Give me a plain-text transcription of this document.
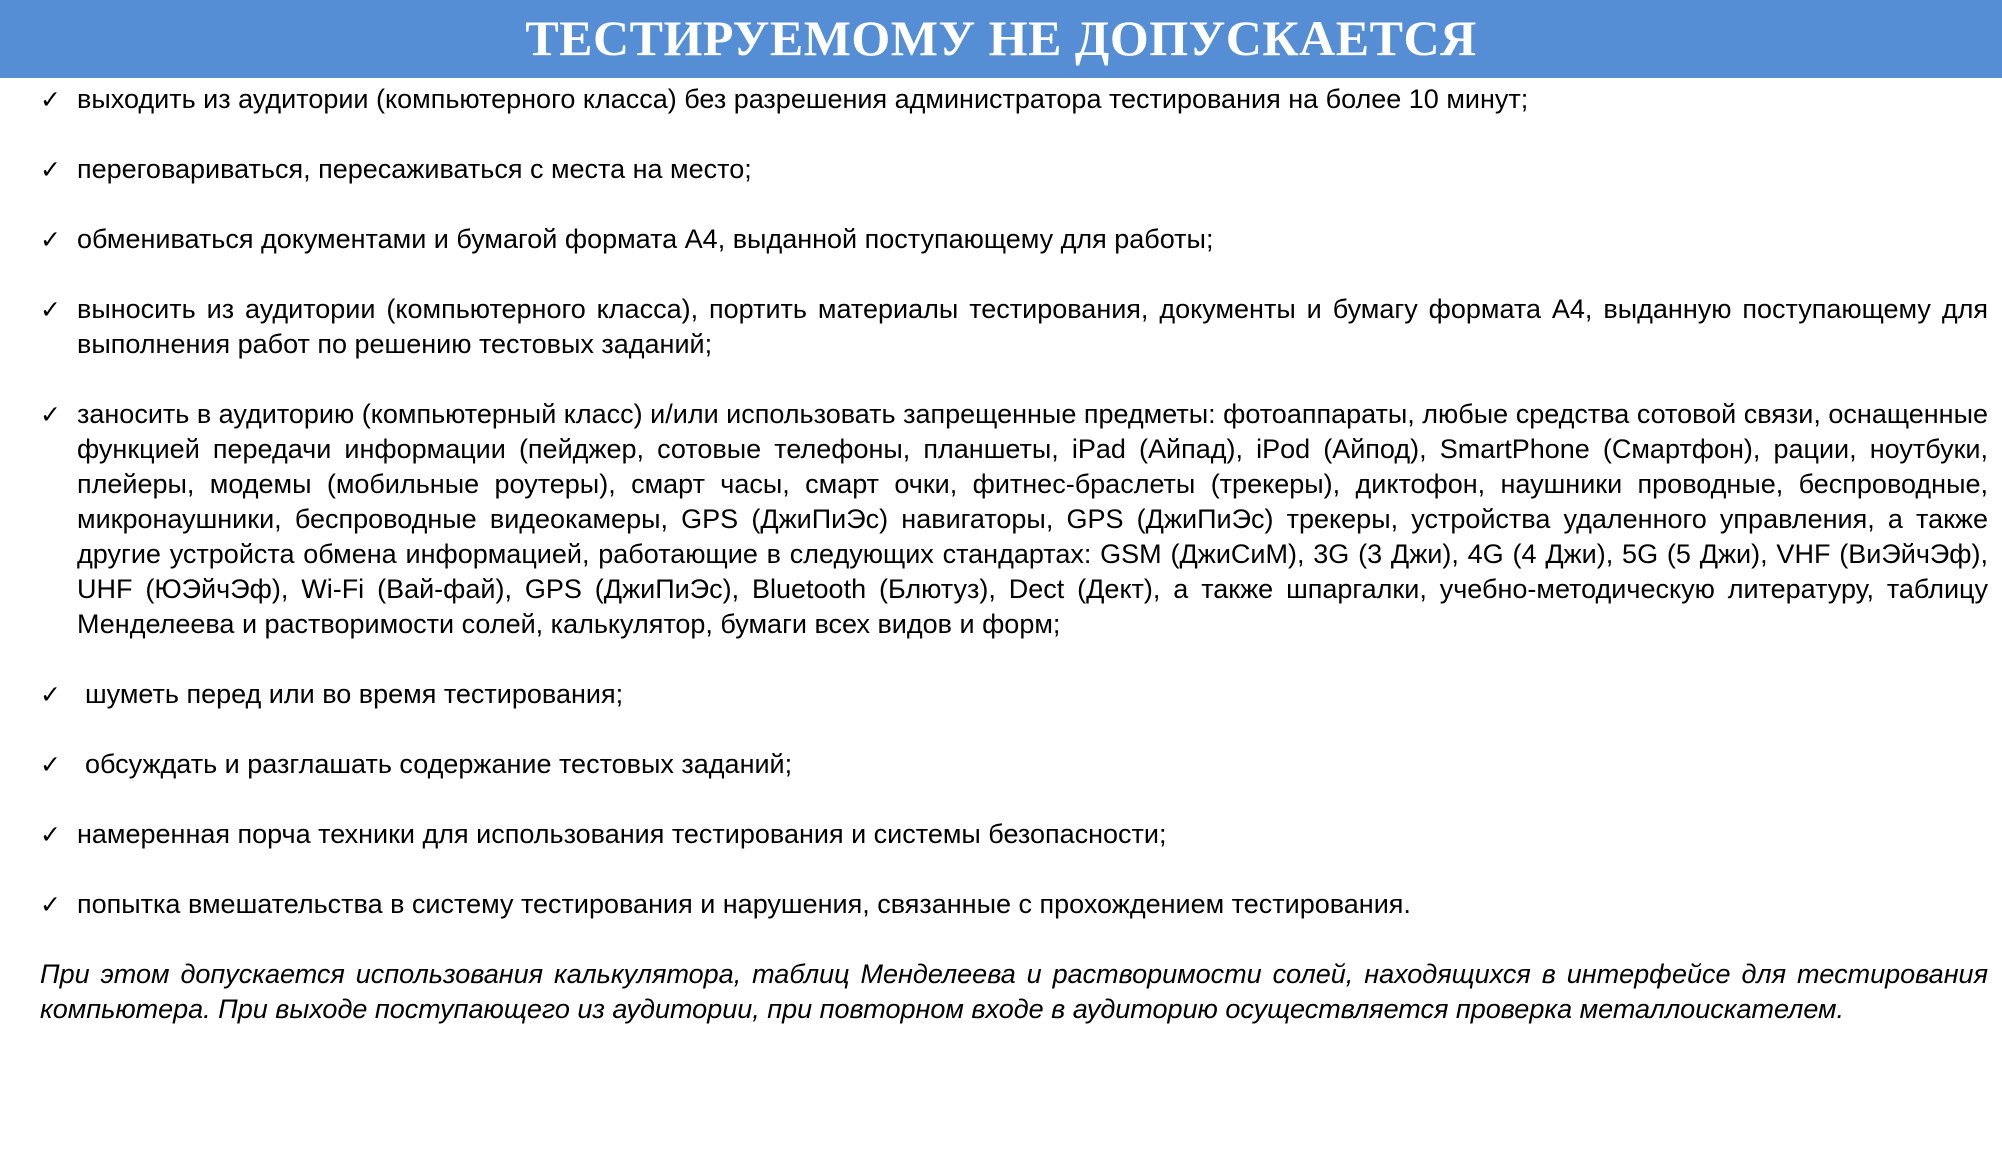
ТЕСТИРУЕМОМУ НЕ ДОПУСКАЕТСЯ
✓ выходить из аудитории (компьютерного класса) без разрешения администратора тестирования на более 10 минут;
✓ переговариваться, пересаживаться с места на место;
✓ обмениваться документами и бумагой формата А4, выданной поступающему для работы;
✓ выносить из аудитории (компьютерного класса), портить материалы тестирования, документы и бумагу формата А4, выданную поступающему для выполнения работ по решению тестовых заданий;
✓ заносить в аудиторию (компьютерный класс) и/или использовать запрещенные предметы: фотоаппараты, любые средства сотовой связи, оснащенные функцией передачи информации (пейджер, сотовые телефоны, планшеты, iPad (Айпад), iPod (Айпод), SmartPhone (Смартфон), рации, ноутбуки, плейеры, модемы (мобильные роутеры), смарт часы, смарт очки, фитнес-браслеты (трекеры), диктофон, наушники проводные, беспроводные, микронаушники, беспроводные видеокамеры, GPS (ДжиПиЭс) навигаторы, GPS (ДжиПиЭс) трекеры, устройства удаленного управления, а также другие устройста обмена информацией, работающие в следующих стандартах: GSM (ДжиСиМ), 3G (3 Джи), 4G (4 Джи), 5G (5 Джи), VHF (ВиЭйчЭф), UHF (ЮЭйчЭф), Wi-Fi (Вай-фай), GPS (ДжиПиЭс), Bluetooth (Блютуз), Dect (Дект), а также шпаргалки, учебно-методическую литературу, таблицу Менделеева и растворимости солей, калькулятор, бумаги всех видов и форм;
✓ шуметь перед или во время тестирования;
✓ обсуждать и разглашать содержание тестовых заданий;
✓ намеренная порча техники для использования тестирования и системы безопасности;
✓ попытка вмешательства в систему тестирования и нарушения, связанные с прохождением тестирования.

При этом допускается использования калькулятора, таблиц Менделеева и растворимости солей, находящихся в интерфейсе для тестирования компьютера. При выходе поступающего из аудитории, при повторном входе в аудиторию осуществляется проверка металлоискателем.
